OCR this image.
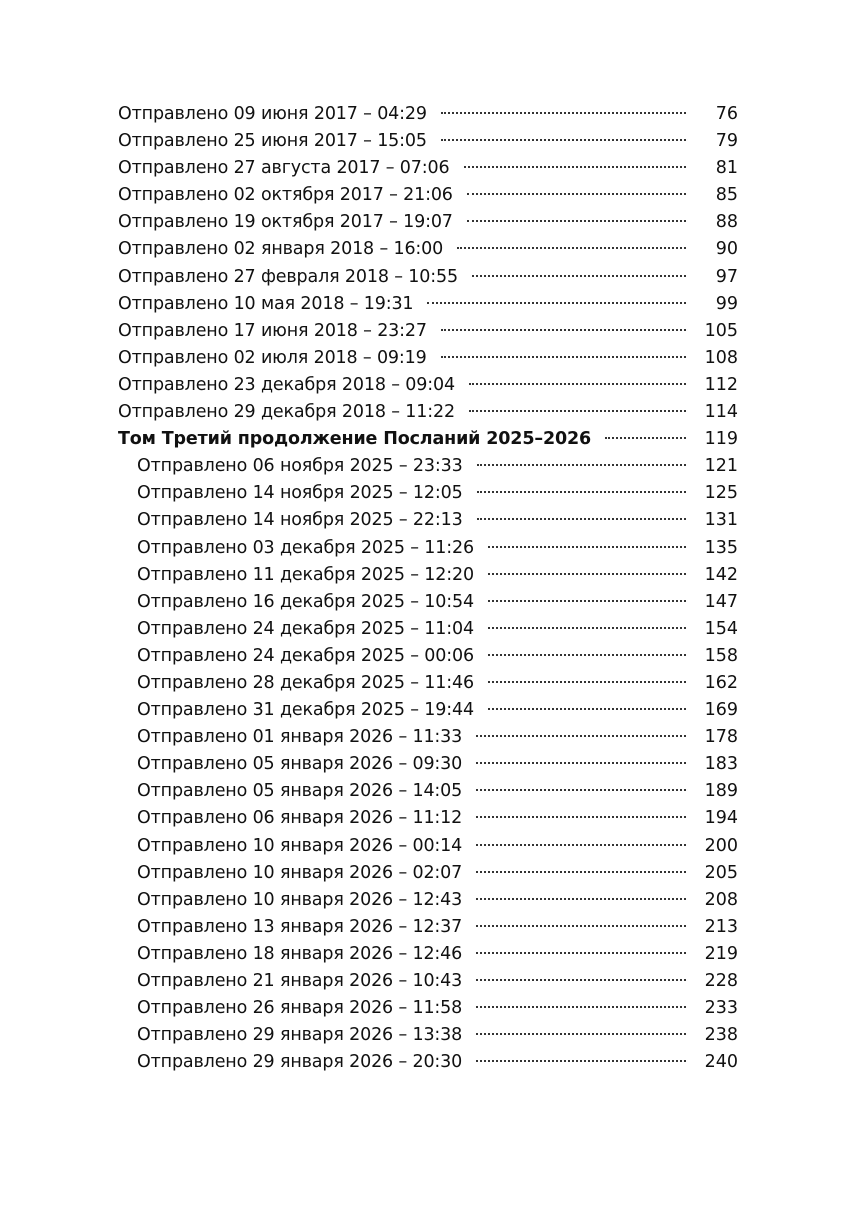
Отправлено 09 июня 2017 – 04:29	76
Отправлено 25 июня 2017 – 15:05	79
Отправлено 27 августа 2017 – 07:06	81
Отправлено 02 октября 2017 – 21:06	85
Отправлено 19 октября 2017 – 19:07	88
Отправлено 02 января 2018 – 16:00	90
Отправлено 27 февраля 2018 – 10:55	97
Отправлено 10 мая 2018 – 19:31	99
Отправлено 17 июня 2018 – 23:27	105
Отправлено 02 июля 2018 – 09:19	108
Отправлено 23 декабря 2018 – 09:04	112
Отправлено 29 декабря 2018 – 11:22	114
Том Третий продолжение Посланий 2025–2026	119
Отправлено 06 ноября 2025 – 23:33	121
Отправлено 14 ноября 2025 – 12:05	125
Отправлено 14 ноября 2025 – 22:13	131
Отправлено 03 декабря 2025 – 11:26	135
Отправлено 11 декабря 2025 – 12:20	142
Отправлено 16 декабря 2025 – 10:54	147
Отправлено 24 декабря 2025 – 11:04	154
Отправлено 24 декабря 2025 – 00:06	158
Отправлено 28 декабря 2025 – 11:46	162
Отправлено 31 декабря 2025 – 19:44	169
Отправлено 01 января 2026 – 11:33	178
Отправлено 05 января 2026 – 09:30	183
Отправлено 05 января 2026 – 14:05	189
Отправлено 06 января 2026 – 11:12	194
Отправлено 10 января 2026 – 00:14	200
Отправлено 10 января 2026 – 02:07	205
Отправлено 10 января 2026 – 12:43	208
Отправлено 13 января 2026 – 12:37	213
Отправлено 18 января 2026 – 12:46	219
Отправлено 21 января 2026 – 10:43	228
Отправлено 26 января 2026 – 11:58	233
Отправлено 29 января 2026 – 13:38	238
Отправлено 29 января 2026 – 20:30	240
